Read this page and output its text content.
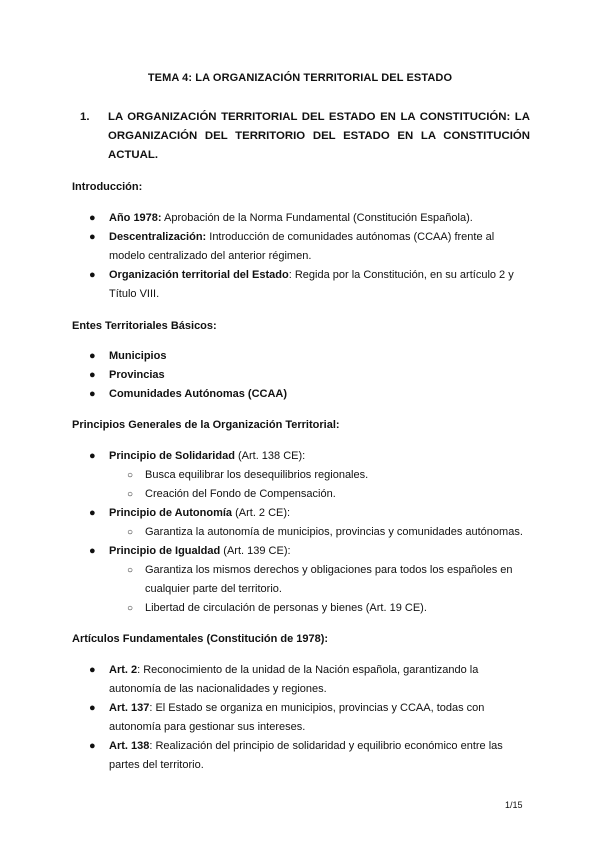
TEMA 4: LA ORGANIZACIÓN TERRITORIAL DEL ESTADO
1. LA ORGANIZACIÓN TERRITORIAL DEL ESTADO EN LA CONSTITUCIÓN: LA ORGANIZACIÓN DEL TERRITORIO DEL ESTADO EN LA CONSTITUCIÓN ACTUAL.
Introducción:
● Año 1978: Aprobación de la Norma Fundamental (Constitución Española).
● Descentralización: Introducción de comunidades autónomas (CCAA) frente al modelo centralizado del anterior régimen.
● Organización territorial del Estado: Regida por la Constitución, en su artículo 2 y Título VIII.
Entes Territoriales Básicos:
● Municipios
● Provincias
● Comunidades Autónomas (CCAA)
Principios Generales de la Organización Territorial:
● Principio de Solidaridad (Art. 138 CE):
○ Busca equilibrar los desequilibrios regionales.
○ Creación del Fondo de Compensación.
● Principio de Autonomía (Art. 2 CE):
○ Garantiza la autonomía de municipios, provincias y comunidades autónomas.
● Principio de Igualdad (Art. 139 CE):
○ Garantiza los mismos derechos y obligaciones para todos los españoles en cualquier parte del territorio.
○ Libertad de circulación de personas y bienes (Art. 19 CE).
Artículos Fundamentales (Constitución de 1978):
● Art. 2: Reconocimiento de la unidad de la Nación española, garantizando la autonomía de las nacionalidades y regiones.
● Art. 137: El Estado se organiza en municipios, provincias y CCAA, todas con autonomía para gestionar sus intereses.
● Art. 138: Realización del principio de solidaridad y equilibrio económico entre las partes del territorio.
1/15
